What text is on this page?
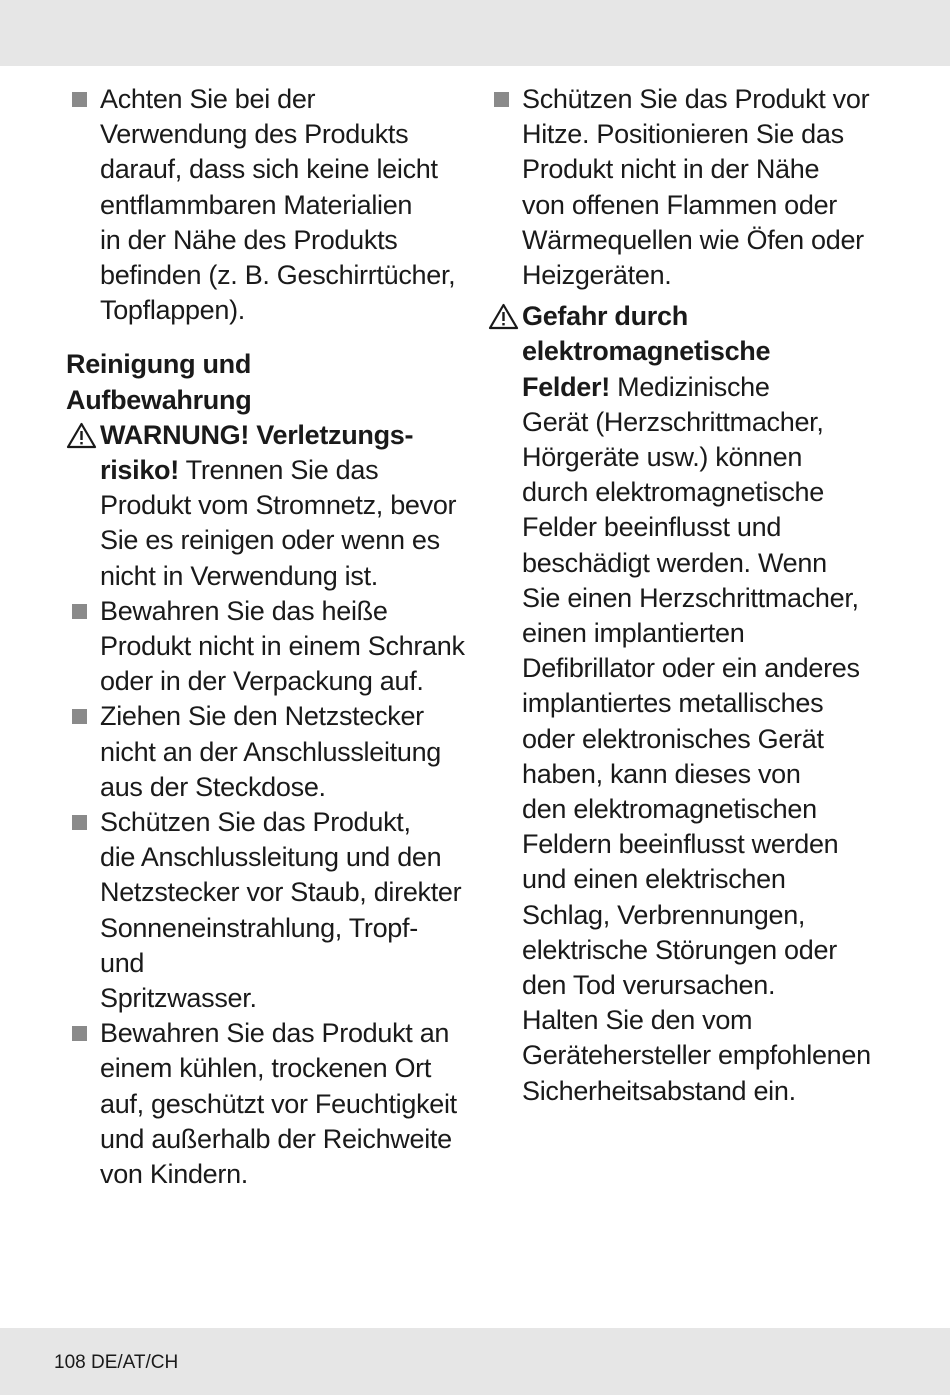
Achten Sie bei der
Verwendung des Produkts
darauf, dass sich keine leicht
entflammbaren Materialien
in der Nähe des Produkts
befinden (z. B. Geschirrtücher,
Topflappen).
Reinigung und
Aufbewahrung
WARNUNG! Verletzungs-
risiko! Trennen Sie das
Produkt vom Stromnetz, bevor
Sie es reinigen oder wenn es
nicht in Verwendung ist.
Bewahren Sie das heiße
Produkt nicht in einem Schrank
oder in der Verpackung auf.
Ziehen Sie den Netzstecker
nicht an der Anschlussleitung
aus der Steckdose.
Schützen Sie das Produkt,
die Anschlussleitung und den
Netzstecker vor Staub, direkter
Sonneneinstrahlung, Tropf- und
Spritzwasser.
Bewahren Sie das Produkt an
einem kühlen, trockenen Ort
auf, geschützt vor Feuchtigkeit
und außerhalb der Reichweite
von Kindern.
Schützen Sie das Produkt vor
Hitze. Positionieren Sie das
Produkt nicht in der Nähe
von offenen Flammen oder
Wärmequellen wie Öfen oder
Heizgeräten.
Gefahr durch
elektromagnetische
Felder! Medizinische
Gerät (Herzschrittmacher,
Hörgeräte usw.) können
durch elektromagnetische
Felder beeinflusst und
beschädigt werden. Wenn
Sie einen Herzschrittmacher,
einen implantierten
Defibrillator oder ein anderes
implantiertes metallisches
oder elektronisches Gerät
haben, kann dieses von
den elektromagnetischen
Feldern beeinflusst werden
und einen elektrischen
Schlag, Verbrennungen,
elektrische Störungen oder
den Tod verursachen.
Halten Sie den vom
Gerätehersteller empfohlenen
Sicherheitsabstand ein.
108 DE/AT/CH
